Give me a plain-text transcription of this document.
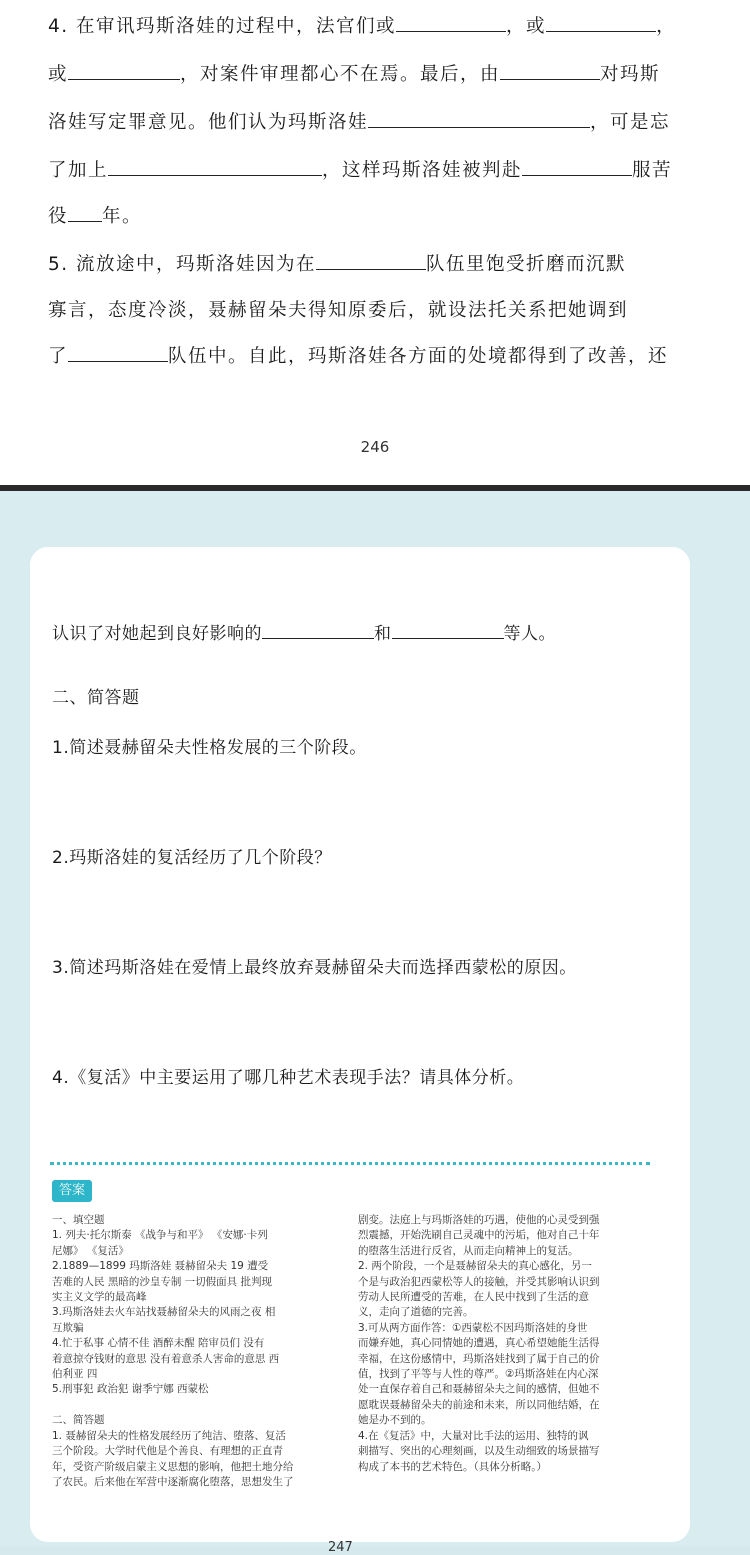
4. 在审讯玛斯洛娃的过程中，法官们或	，或	，
或	，对案件审理都心不在焉。最后，由	对玛斯
洛娃写定罪意见。他们认为玛斯洛娃	，可是忘
了加上	，这样玛斯洛娃被判赴	服苦
役 年。
5. 流放途中，玛斯洛娃因为在	队伍里饱受折磨而沉默
寡言，态度冷淡，聂赫留朵夫得知原委后，就设法托关系把她调到
了	队伍中。自此，玛斯洛娃各方面的处境都得到了改善，还
246
认识了对她起到良好影响的	和	等人。
二、简答题
1.简述聂赫留朵夫性格发展的三个阶段。
2.玛斯洛娃的复活经历了几个阶段？
3.简述玛斯洛娃在爱情上最终放弃聂赫留朵夫而选择西蒙松的原因。
4.《复活》中主要运用了哪几种艺术表现手法？请具体分析。
答案
一、填空题
1. 列夫·托尔斯泰 《战争与和平》 《安娜·卡列
尼娜》 《复活》
2.1889—1899 玛斯洛娃 聂赫留朵夫 19 遭受
苦难的人民 黑暗的沙皇专制 一切假面具 批判现
实主义文学的最高峰
3.玛斯洛娃去火车站找聂赫留朵夫的风雨之夜 相
互欺骗
4.忙于私事 心情不佳 酒醉未醒 陪审员们 没有
着意掠夺钱财的意思 没有着意杀人害命的意思 西
伯利亚 四
5.刑事犯 政治犯 谢季宁娜 西蒙松

二、简答题
1. 聂赫留朵夫的性格发展经历了纯洁、堕落、复活
三个阶段。大学时代他是个善良、有理想的正直青
年，受资产阶级启蒙主义思想的影响，他把土地分给
了农民。后来他在军营中逐渐腐化堕落，思想发生了
剧变。法庭上与玛斯洛娃的巧遇，使他的心灵受到强
烈震撼，开始洗刷自己灵魂中的污垢，他对自己十年
的堕落生活进行反省，从而走向精神上的复活。
2. 两个阶段，一个是聂赫留朵夫的真心感化，另一
个是与政治犯西蒙松等人的接触，并受其影响认识到
劳动人民所遭受的苦难，在人民中找到了生活的意
义，走向了道德的完善。
3.可从两方面作答：①西蒙松不因玛斯洛娃的身世
而嫌弃她，真心同情她的遭遇，真心希望她能生活得
幸福，在这份感情中，玛斯洛娃找到了属于自己的价
值，找到了平等与人性的尊严。②玛斯洛娃在内心深
处一直保存着自己和聂赫留朵夫之间的感情，但她不
愿耽误聂赫留朵夫的前途和未来，所以同他结婚，在
她是办不到的。
4.在《复活》中，大量对比手法的运用、独特的讽
刺描写、突出的心理刻画，以及生动细致的场景描写
构成了本书的艺术特色。（具体分析略。）
247
